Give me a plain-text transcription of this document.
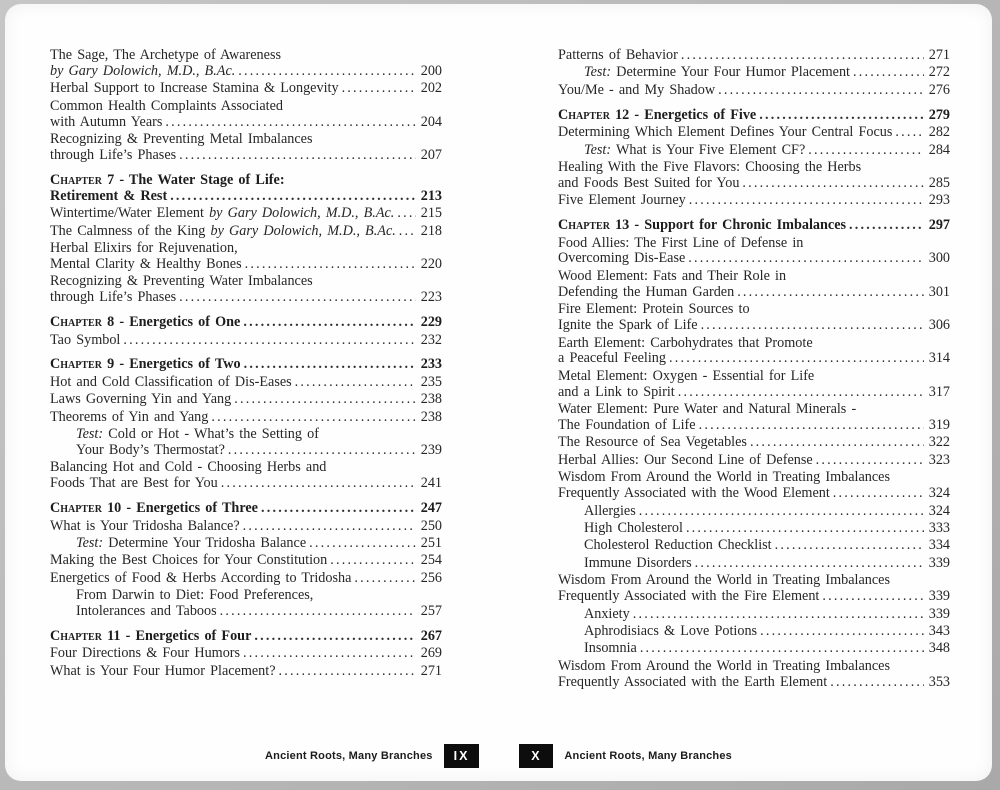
The Sage, The Archetype of Awareness
by Gary Dolowich, M.D., B.Ac. .....	200
Herbal Support to Increase Stamina & Longevity .....	202
Common Health Complaints Associated
with Autumn Years .....	204
Recognizing & Preventing Metal Imbalances
through Life’s Phases .....	207
Chapter 7 - The Water Stage of Life:
Retirement & Rest .....	213
Wintertime/Water Element by Gary Dolowich, M.D., B.Ac. .....	215
The Calmness of the King by Gary Dolowich, M.D., B.Ac. .....	218
Herbal Elixirs for Rejuvenation,
Mental Clarity & Healthy Bones .....	220
Recognizing & Preventing Water Imbalances
through Life’s Phases .....	223
Chapter 8 - Energetics of One .....	229
Tao Symbol .....	232
Chapter 9 - Energetics of Two .....	233
Hot and Cold Classification of Dis-Eases .....	235
Laws Governing Yin and Yang .....	238
Theorems of Yin and Yang .....	238
Test: Cold or Hot - What’s the Setting of
Your Body’s Thermostat? .....	239
Balancing Hot and Cold - Choosing Herbs and
Foods That are Best for You .....	241
Chapter 10 - Energetics of Three .....	247
What is Your Tridosha Balance? .....	250
Test: Determine Your Tridosha Balance .....	251
Making the Best Choices for Your Constitution .....	254
Energetics of Food & Herbs According to Tridosha .....	256
From Darwin to Diet: Food Preferences,
Intolerances and Taboos .....	257
Chapter 11 - Energetics of Four .....	267
Four Directions & Four Humors .....	269
What is Your Four Humor Placement? .....	271
Patterns of Behavior .....	271
Test: Determine Your Four Humor Placement .....	272
You/Me - and My Shadow .....	276
Chapter 12 - Energetics of Five .....	279
Determining Which Element Defines Your Central Focus .....	282
Test: What is Your Five Element CF? .....	284
Healing With the Five Flavors: Choosing the Herbs
and Foods Best Suited for You .....	285
Five Element Journey .....	293
Chapter 13 - Support for Chronic Imbalances .....	297
Food Allies: The First Line of Defense in
Overcoming Dis-Ease .....	300
Wood Element: Fats and Their Role in
Defending the Human Garden .....	301
Fire Element: Protein Sources to
Ignite the Spark of Life .....	306
Earth Element: Carbohydrates that Promote
a Peaceful Feeling .....	314
Metal Element: Oxygen - Essential for Life
and a Link to Spirit .....	317
Water Element: Pure Water and Natural Minerals -
The Foundation of Life .....	319
The Resource of Sea Vegetables .....	322
Herbal Allies: Our Second Line of Defense .....	323
Wisdom From Around the World in Treating Imbalances
Frequently Associated with the Wood Element .....	324
Allergies .....	324
High Cholesterol .....	333
Cholesterol Reduction Checklist .....	334
Immune Disorders .....	339
Wisdom From Around the World in Treating Imbalances
Frequently Associated with the Fire Element .....	339
Anxiety .....	339
Aphrodisiacs & Love Potions .....	343
Insomnia .....	348
Wisdom From Around the World in Treating Imbalances
Frequently Associated with the Earth Element .....	353
Ancient Roots, Many Branches	IX	X	Ancient Roots, Many Branches
